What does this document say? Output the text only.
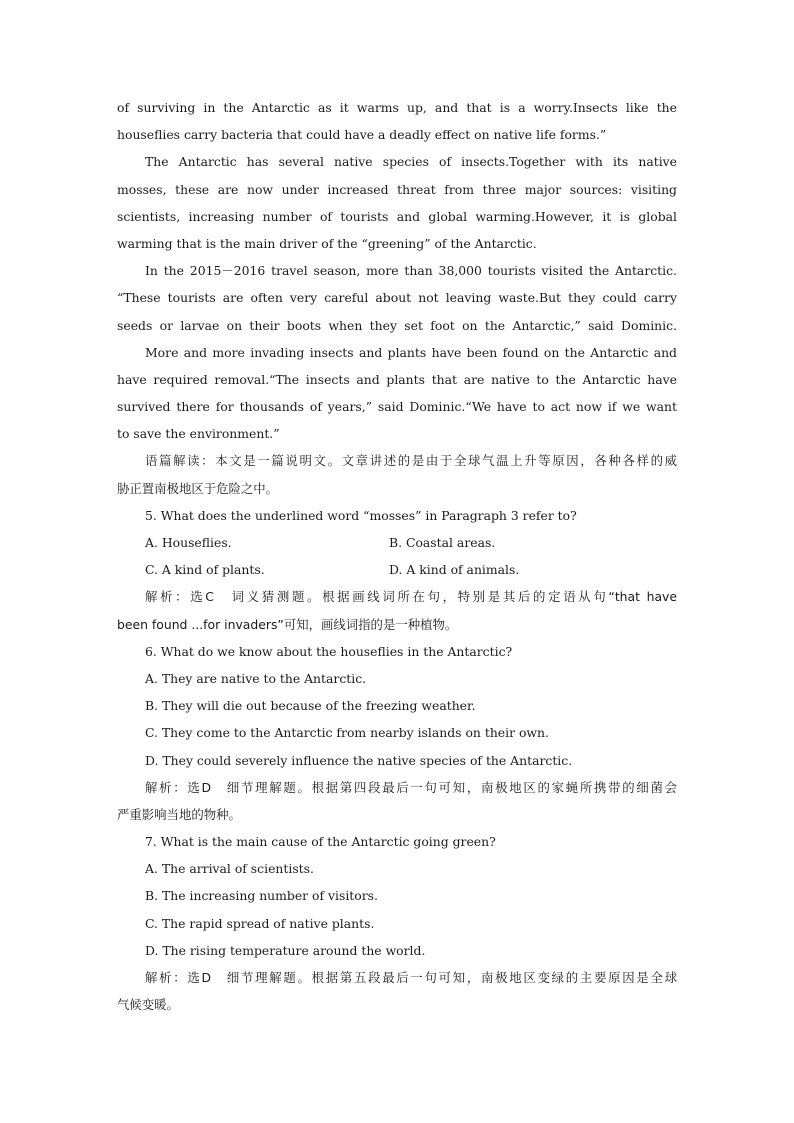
of surviving in the Antarctic as it warms up, and that is a worry.Insects like the
houseflies carry bacteria that could have a deadly effect on native life forms.”
The Antarctic has several native species of insects.Together with its native
mosses, these are now under increased threat from three major sources: visiting
scientists, increasing number of tourists and global warming.However, it is global
warming that is the main driver of the “greening” of the Antarctic.
In the 2015－2016 travel season, more than 38,000 tourists visited the Antarctic.
“These tourists are often very careful about not leaving waste.But they could carry
seeds or larvae on their boots when they set foot on the Antarctic,” said Dominic.
More and more invading insects and plants have been found on the Antarctic and
have required removal.“The insects and plants that are native to the Antarctic have
survived there for thousands of years,” said Dominic.“We have to act now if we want
to save the environment.”
语篇解读：本文是一篇说明文。文章讲述的是由于全球气温上升等原因，各种各样的威
胁正置南极地区于危险之中。
5. What does the underlined word “mosses” in Paragraph 3 refer to?
A. Houseflies.	B. Coastal areas.
C. A kind of plants.	D. A kind of animals.
解析：选C　词义猜测题。根据画线词所在句，特别是其后的定语从句“that have
been found ...for invaders”可知，画线词指的是一种植物。
6. What do we know about the houseflies in the Antarctic?
A. They are native to the Antarctic.
B. They will die out because of the freezing weather.
C. They come to the Antarctic from nearby islands on their own.
D. They could severely influence the native species of the Antarctic.
解析：选D　细节理解题。根据第四段最后一句可知，南极地区的家蝇所携带的细菌会
严重影响当地的物种。
7. What is the main cause of the Antarctic going green?
A. The arrival of scientists.
B. The increasing number of visitors.
C. The rapid spread of native plants.
D. The rising temperature around the world.
解析：选D　细节理解题。根据第五段最后一句可知，南极地区变绿的主要原因是全球
气候变暖。
